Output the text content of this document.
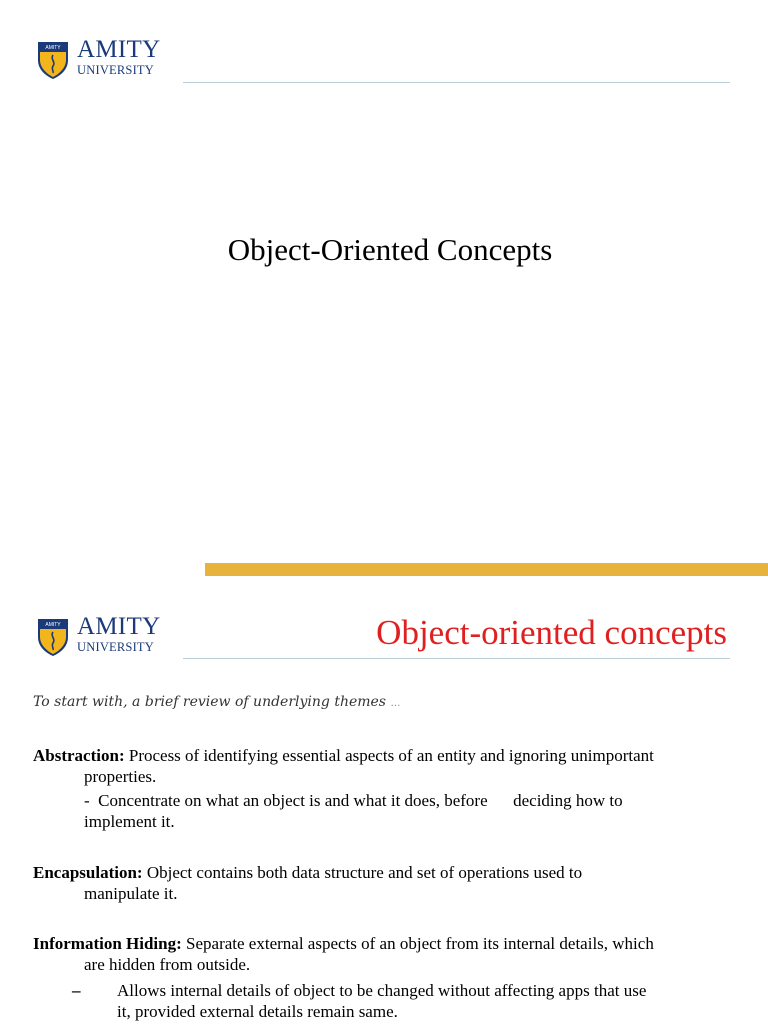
AMITY AMITY
UNIVERSITY
Object-Oriented Concepts
AMITY AMITY
UNIVERSITY	Object-oriented concepts
To start with, a brief review of underlying themes …

Abstraction: Process of identifying essential aspects of an entity and ignoring unimportant

properties.

-  Concentrate on what an object is and what it does, before      deciding how to

implement it.

Encapsulation: Object contains both data structure and set of operations used to

manipulate it.

Information Hiding: Separate external aspects of an object from its internal details, which

are hidden from outside.

– Allows internal details of object to be changed without affecting apps that use
it, provided external details remain same.
